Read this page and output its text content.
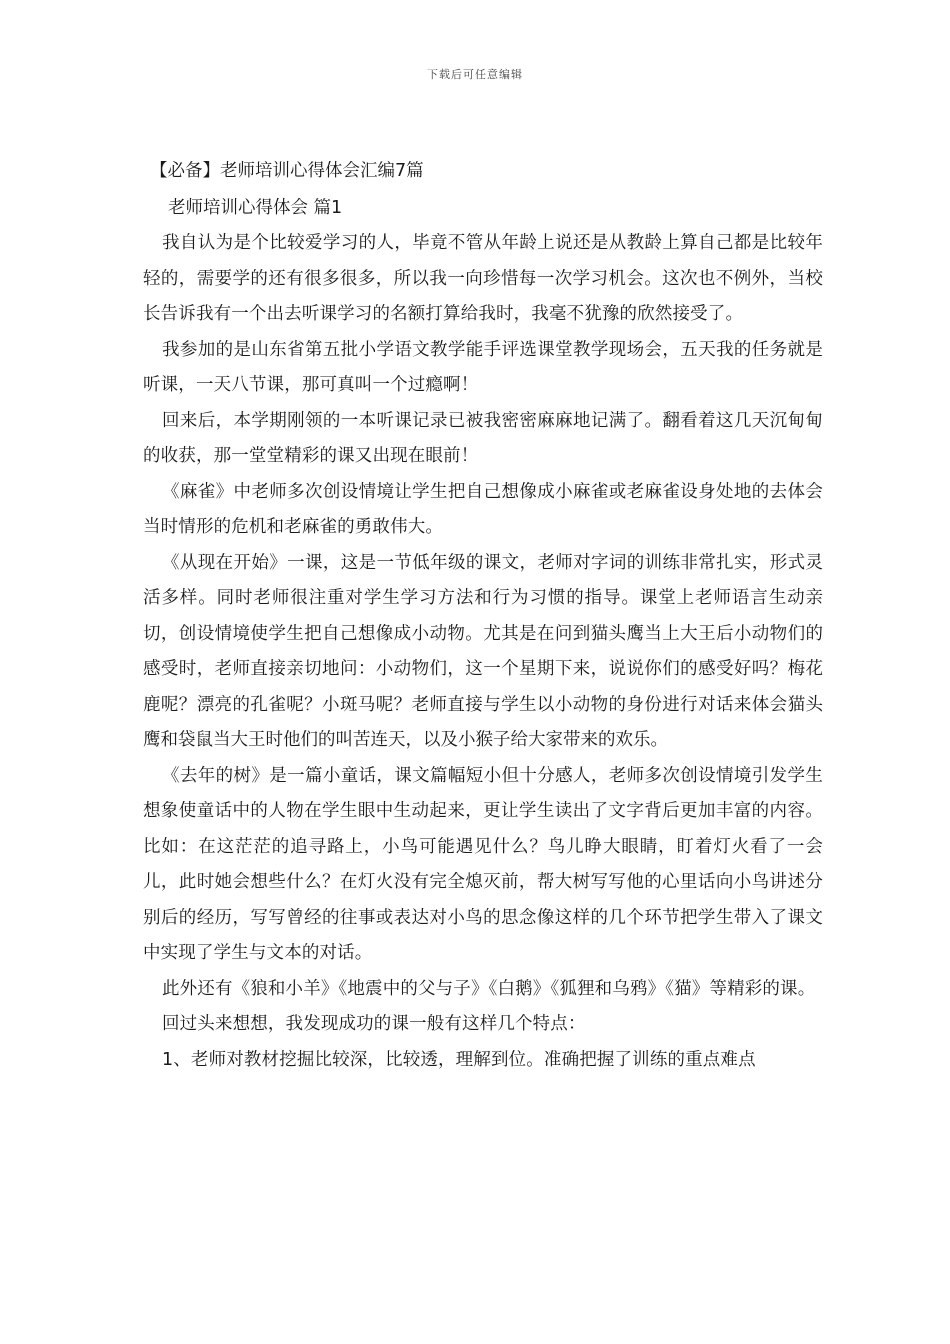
下载后可任意编辑
【必备】老师培训心得体会汇编7篇
老师培训心得体会 篇1

我自认为是个比较爱学习的人，毕竟不管从年龄上说还是从教龄上算自己都是比较年轻的，需要学的还有很多很多，所以我一向珍惜每一次学习机会。这次也不例外，当校长告诉我有一个出去听课学习的名额打算给我时，我毫不犹豫的欣然接受了。

我参加的是山东省第五批小学语文教学能手评选课堂教学现场会，五天我的任务就是听课，一天八节课，那可真叫一个过瘾啊！

回来后，本学期刚领的一本听课记录已被我密密麻麻地记满了。翻看着这几天沉甸甸的收获，那一堂堂精彩的课又出现在眼前！

《麻雀》中老师多次创设情境让学生把自己想像成小麻雀或老麻雀设身处地的去体会当时情形的危机和老麻雀的勇敢伟大。

《从现在开始》一课，这是一节低年级的课文，老师对字词的训练非常扎实，形式灵活多样。同时老师很注重对学生学习方法和行为习惯的指导。课堂上老师语言生动亲切，创设情境使学生把自己想像成小动物。尤其是在问到猫头鹰当上大王后小动物们的感受时，老师直接亲切地问：小动物们，这一个星期下来，说说你们的感受好吗？梅花鹿呢？漂亮的孔雀呢？小斑马呢？老师直接与学生以小动物的身份进行对话来体会猫头鹰和袋鼠当大王时他们的叫苦连天，以及小猴子给大家带来的欢乐。

《去年的树》是一篇小童话，课文篇幅短小但十分感人，老师多次创设情境引发学生想象使童话中的人物在学生眼中生动起来，更让学生读出了文字背后更加丰富的内容。比如：在这茫茫的追寻路上，小鸟可能遇见什么？鸟儿睁大眼睛，盯着灯火看了一会儿，此时她会想些什么？在灯火没有完全熄灭前，帮大树写写他的心里话向小鸟讲述分别后的经历，写写曾经的往事或表达对小鸟的思念像这样的几个环节把学生带入了课文中实现了学生与文本的对话。

此外还有《狼和小羊》《地震中的父与子》《白鹅》《狐狸和乌鸦》《猫》等精彩的课。

回过头来想想，我发现成功的课一般有这样几个特点：

1、老师对教材挖掘比较深，比较透，理解到位。准确把握了训练的重点难点
